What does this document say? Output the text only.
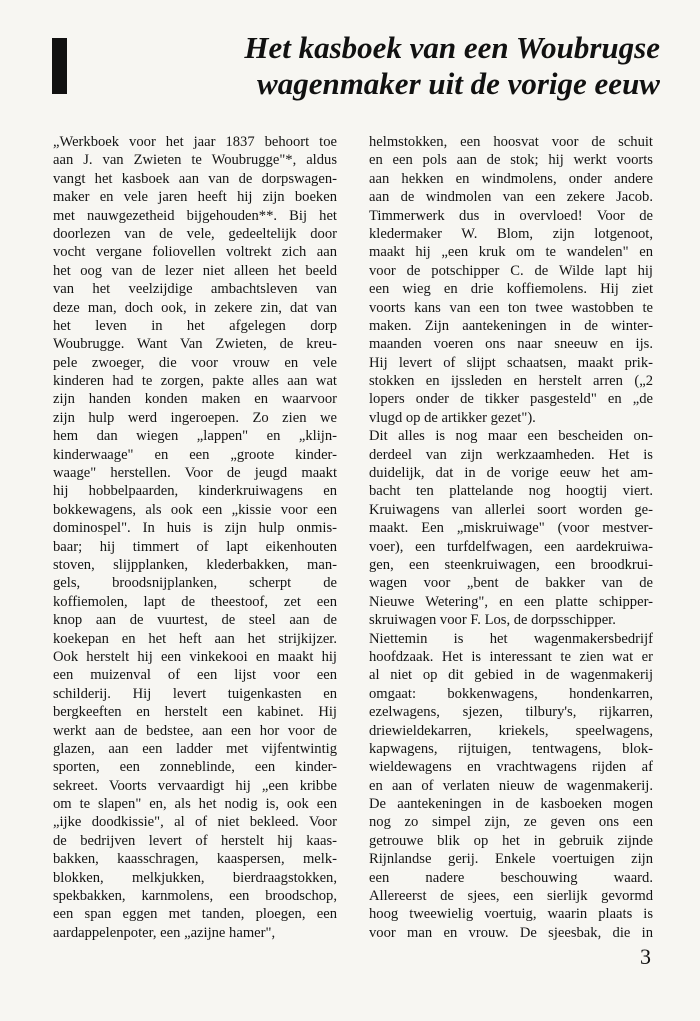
Het kasboek van een Woubrugse
wagenmaker uit de vorige eeuw
„Werkboek voor het jaar 1837 behoort toe
aan J. van Zwieten te Woubrugge"*, aldus
vangt het kasboek aan van de dorpswagen-
maker en vele jaren heeft hij zijn boeken
met nauwgezetheid bijgehouden**. Bij het
doorlezen van de vele, gedeeltelijk door
vocht vergane foliovellen voltrekt zich aan
het oog van de lezer niet alleen het beeld
van het veelzijdige ambachtsleven van
deze man, doch ook, in zekere zin, dat van
het leven in het afgelegen dorp
Woubrugge. Want Van Zwieten, de kreu-
pele zwoeger, die voor vrouw en vele
kinderen had te zorgen, pakte alles aan wat
zijn handen konden maken en waarvoor
zijn hulp werd ingeroepen. Zo zien we
hem dan wiegen „lappen" en „klijn-
kinderwaage" en een „groote kinder-
waage" herstellen. Voor de jeugd maakt
hij hobbelpaarden, kinderkruiwagens en
bokkewagens, als ook een „kissie voor een
dominospel". In huis is zijn hulp onmis-
baar; hij timmert of lapt eikenhouten
stoven, slijpplanken, klederbakken, man-
gels, broodsnijplanken, scherpt de
koffiemolen, lapt de theestoof, zet een
knop aan de vuurtest, de steel aan de
koekepan en het heft aan het strijkijzer.
Ook herstelt hij een vinkekooi en maakt hij
een muizenval of een lijst voor een
schilderij. Hij levert tuigenkasten en
bergkeeften en herstelt een kabinet. Hij
werkt aan de bedstee, aan een hor voor de
glazen, aan een ladder met vijfentwintig
sporten, een zonneblinde, een kinder-
sekreet. Voorts vervaardigt hij „een kribbe
om te slapen" en, als het nodig is, ook een
„ijke doodkissie", al of niet bekleed. Voor
de bedrijven levert of herstelt hij kaas-
bakken, kaasschragen, kaaspersen, melk-
blokken, melkjukken, bierdraagstokken,
spekbakken, karnmolens, een broodschop,
een span eggen met tanden, ploegen, een
aardappelenpoter, een „azijne hamer",
helmstokken, een hoosvat voor de schuit
en een pols aan de stok; hij werkt voorts
aan hekken en windmolens, onder andere
aan de windmolen van een zekere Jacob.
Timmerwerk dus in overvloed! Voor de
kledermaker W. Blom, zijn lotgenoot,
maakt hij „een kruk om te wandelen" en
voor de potschipper C. de Wilde lapt hij
een wieg en drie koffiemolens. Hij ziet
voorts kans van een ton twee wastobben te
maken. Zijn aantekeningen in de winter-
maanden voeren ons naar sneeuw en ijs.
Hij levert of slijpt schaatsen, maakt prik-
stokken en ijssleden en herstelt arren („2
lopers onder de tikker pasgesteld" en „de
vlugd op de artikker gezet").
Dit alles is nog maar een bescheiden on-
derdeel van zijn werkzaamheden. Het is
duidelijk, dat in de vorige eeuw het am-
bacht ten plattelande nog hoogtij viert.
Kruiwagens van allerlei soort worden ge-
maakt. Een „miskruiwage" (voor mestver-
voer), een turfdelfwagen, een aardekruiwa-
gen, een steenkruiwagen, een broodkrui-
wagen voor „bent de bakker van de
Nieuwe Wetering", en een platte schipper-
skruiwagen voor F. Los, de dorpsschipper.
Niettemin is het wagenmakersbedrijf
hoofdzaak. Het is interessant te zien wat er
al niet op dit gebied in de wagenmakerij
omgaat: bokkenwagens, hondenkarren,
ezelwagens, sjezen, tilbury's, rijkarren,
driewieldekarren, kriekels, speelwagens,
kapwagens, rijtuigen, tentwagens, blok-
wieldewagens en vrachtwagens rijden af
en aan of verlaten nieuw de wagenmakerij.
De aantekeningen in de kasboeken mogen
nog zo simpel zijn, ze geven ons een
getrouwe blik op het in gebruik zijnde
Rijnlandse gerij. Enkele voertuigen zijn
een nadere beschouwing waard.
Allereerst de sjees, een sierlijk gevormd
hoog tweewielig voertuig, waarin plaats is
voor man en vrouw. De sjeesbak, die in
3
